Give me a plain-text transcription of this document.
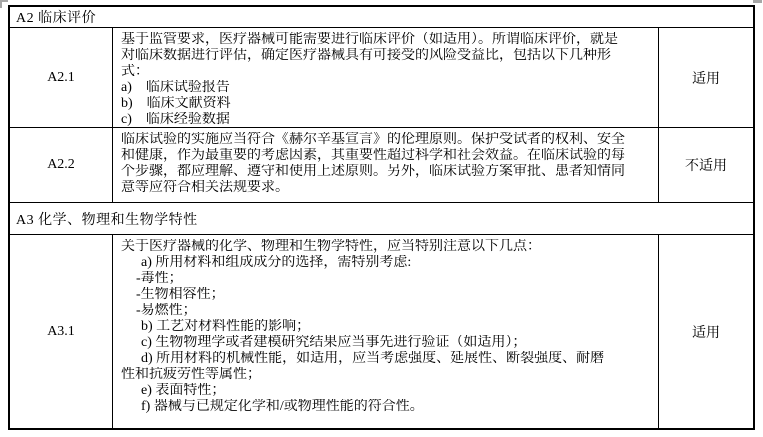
A2 临床评价
A2.1
基于监管要求，医疗器械可能需要进行临床评价（如适用）。所谓临床评价，就是
对临床数据进行评估，确定医疗器械具有可接受的风险受益比，包括以下几种形
式：
a)　临床试验报告
b)　临床文献资料
c)　临床经验数据
适用
A2.2
临床试验的实施应当符合《赫尔辛基宣言》的伦理原则。保护受试者的权利、安全
和健康，作为最重要的考虑因素，其重要性超过科学和社会效益。在临床试验的每
个步骤，都应理解、遵守和使用上述原则。另外，临床试验方案审批、患者知情同
意等应符合相关法规要求。
不适用
A3 化学、物理和生物学特性
A3.1
关于医疗器械的化学、物理和生物学特性，应当特别注意以下几点：
a) 所用材料和组成成分的选择，需特别考虑:
-毒性；
-生物相容性；
-易燃性；
b) 工艺对材料性能的影响；
c) 生物物理学或者建模研究结果应当事先进行验证（如适用）；
d) 所用材料的机械性能，如适用，应当考虑强度、延展性、断裂强度、耐磨
性和抗疲劳性等属性；
e) 表面特性；
f) 器械与已规定化学和/或物理性能的符合性。
适用
